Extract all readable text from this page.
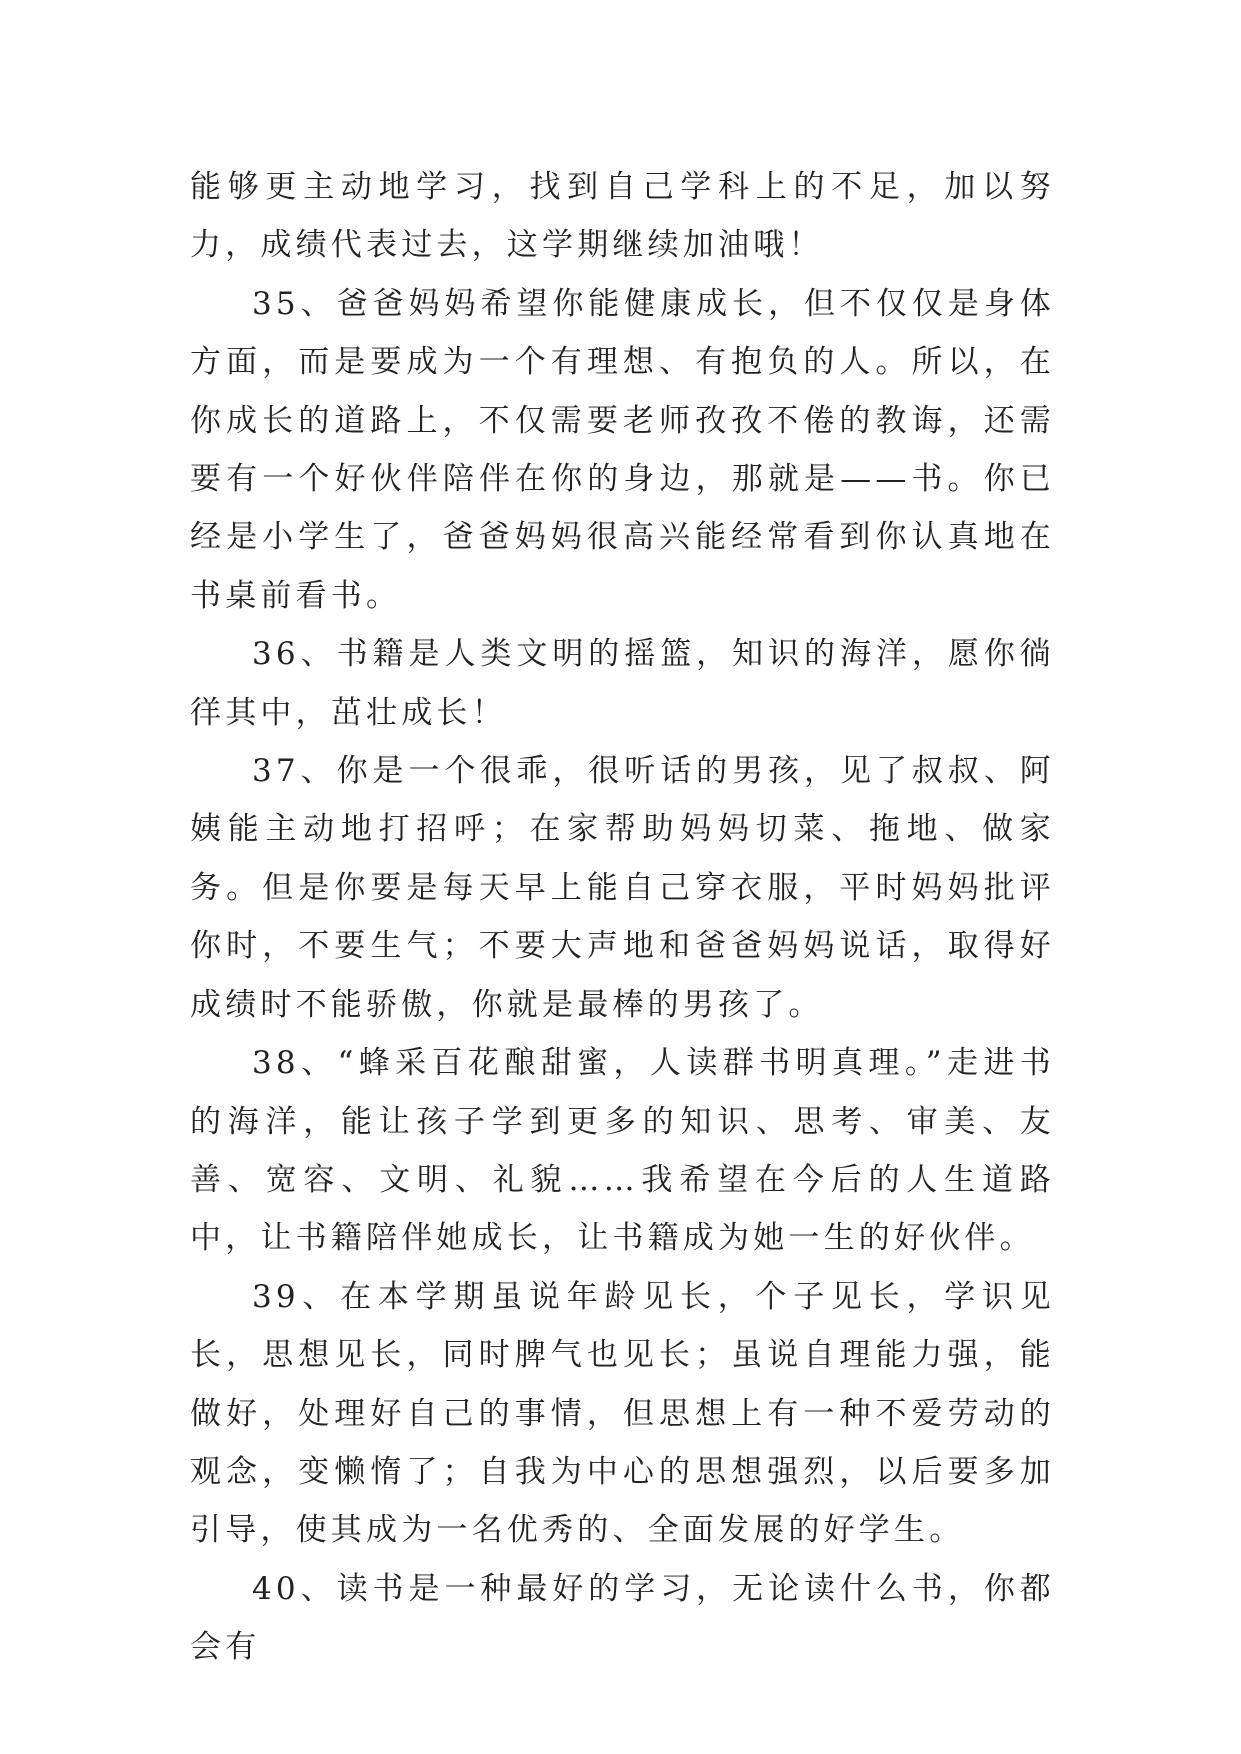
能够更主动地学习，找到自己学科上的不足，加以努力，成绩代表过去，这学期继续加油哦！

35、爸爸妈妈希望你能健康成长，但不仅仅是身体方面，而是要成为一个有理想、有抱负的人。所以，在你成长的道路上，不仅需要老师孜孜不倦的教诲，还需要有一个好伙伴陪伴在你的身边，那就是——书。你已经是小学生了，爸爸妈妈很高兴能经常看到你认真地在书桌前看书。

36、书籍是人类文明的摇篮，知识的海洋，愿你徜徉其中，茁壮成长！

37、你是一个很乖，很听话的男孩，见了叔叔、阿姨能主动地打招呼；在家帮助妈妈切菜、拖地、做家务。但是你要是每天早上能自己穿衣服，平时妈妈批评你时，不要生气；不要大声地和爸爸妈妈说话，取得好成绩时不能骄傲，你就是最棒的男孩了。

38、“蜂采百花酿甜蜜，人读群书明真理。”走进书的海洋，能让孩子学到更多的知识、思考、审美、友善、宽容、文明、礼貌……我希望在今后的人生道路中，让书籍陪伴她成长，让书籍成为她一生的好伙伴。

39、在本学期虽说年龄见长，个子见长，学识见长，思想见长，同时脾气也见长；虽说自理能力强，能做好，处理好自己的事情，但思想上有一种不爱劳动的观念，变懒惰了；自我为中心的思想强烈，以后要多加引导，使其成为一名优秀的、全面发展的好学生。

40、读书是一种最好的学习，无论读什么书，你都会有
